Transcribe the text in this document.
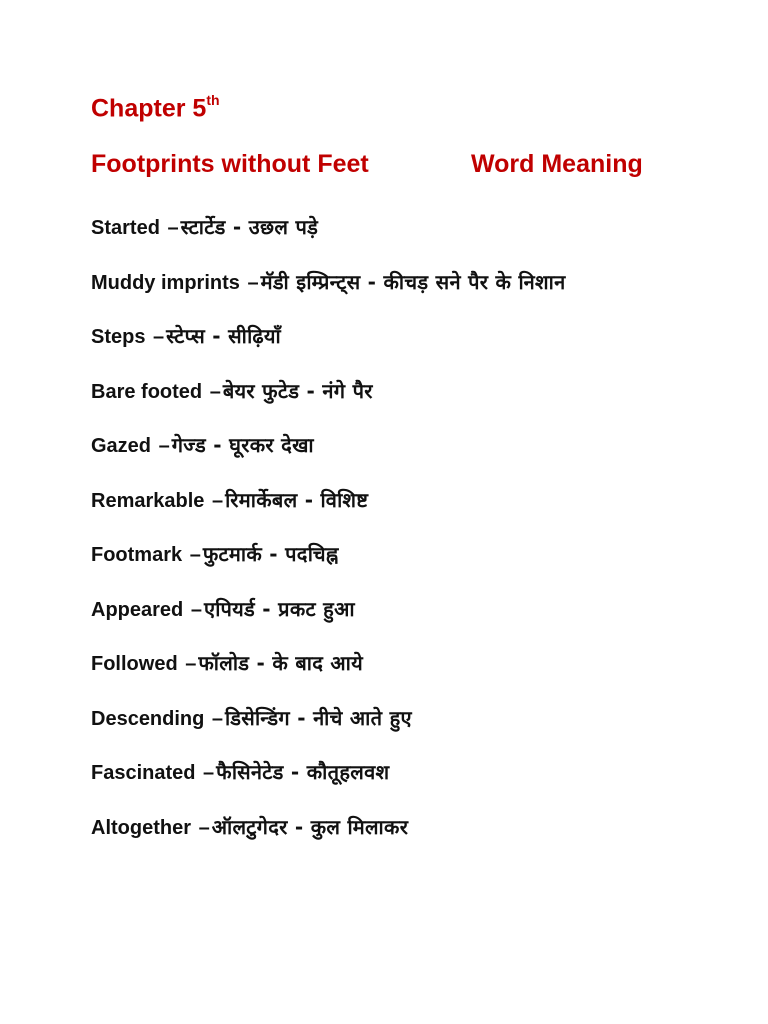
Chapter 5th
Footprints without Feet	Word Meaning
Started – स्टार्टेड - उछल पड़े
Muddy imprints – मॅडी इम्प्रिन्ट्स - कीचड़ सने पैर के निशान
Steps – स्टेप्स - सीढ़ियाँ
Bare footed – बेयर फुटेड - नंगे पैर
Gazed – गेज्ड - घूरकर देखा
Remarkable – रिमार्केबल - विशिष्ट
Footmark – फुटमार्क - पदचिह्न
Appeared – एपियर्ड - प्रकट हुआ
Followed – फॉलोड - के बाद आये
Descending – डिसेन्डिंग - नीचे आते हुए
Fascinated – फैसिनेटेड - कौतूहलवश
Altogether – ऑलटुगेदर - कुल मिलाकर
